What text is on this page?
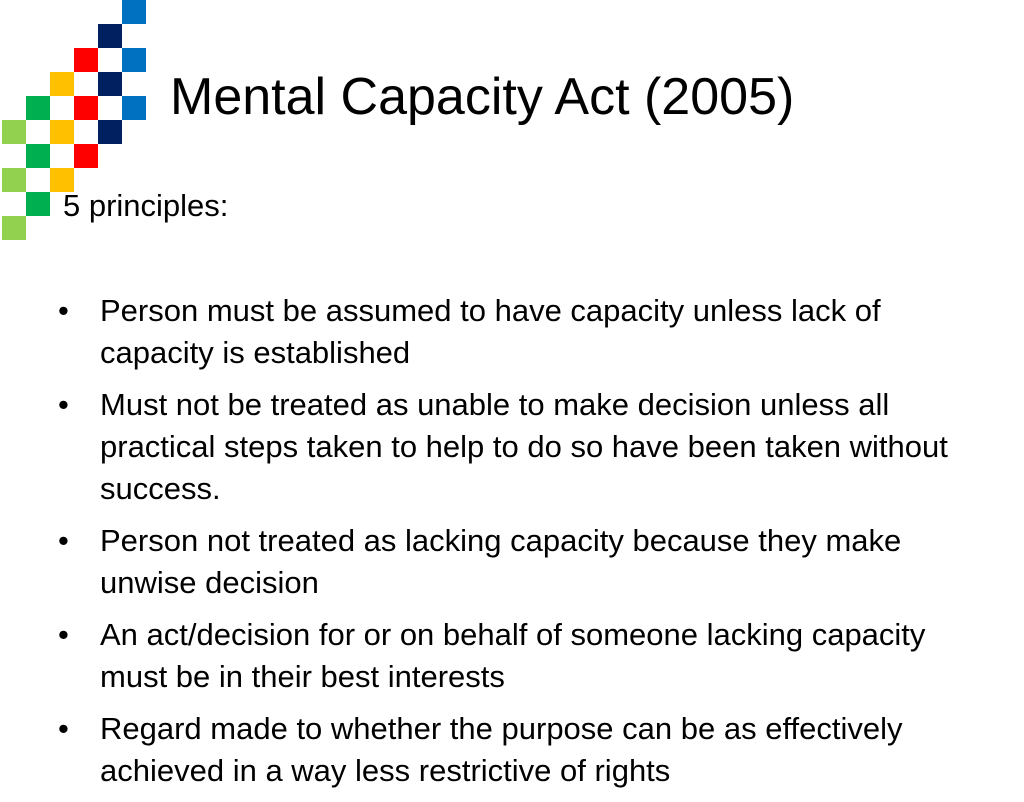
Mental Capacity Act (2005)
5 principles:
•	Person must be assumed to have capacity unless lack of capacity is established
•	Must not be treated as unable to make decision unless all practical steps taken to help to do so have been taken without success.
•	Person not treated as lacking capacity because they make unwise decision
•	An act/decision for or on behalf of someone lacking capacity must be in their best interests
•	Regard made to whether the purpose can be as effectively achieved in a way less restrictive of rights
